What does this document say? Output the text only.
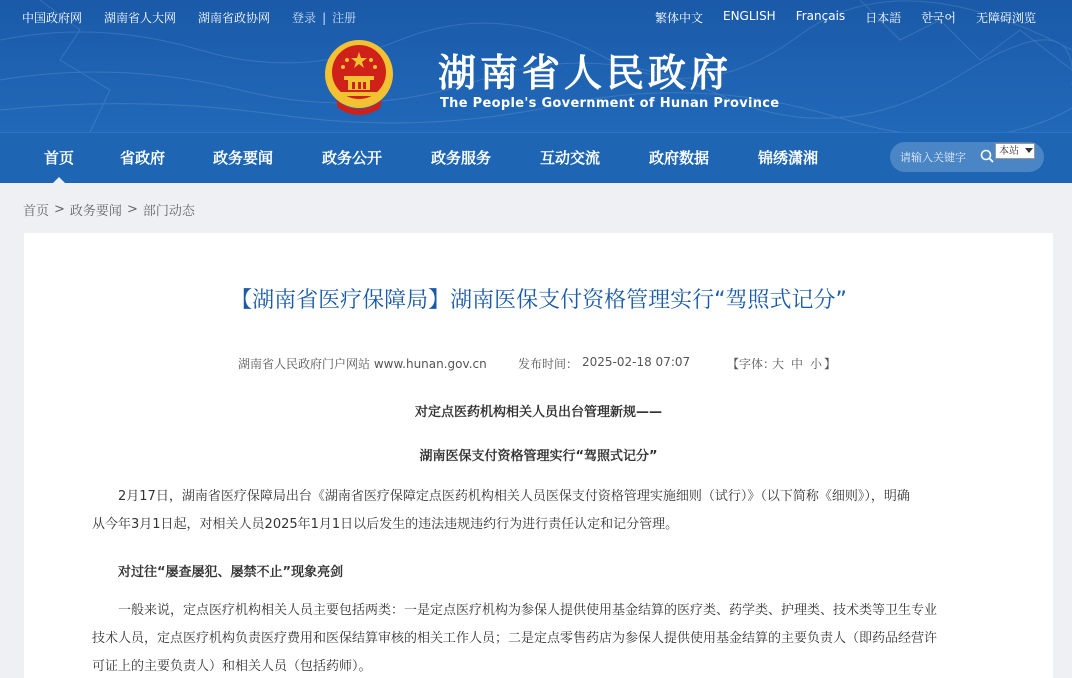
中国政府网 湖南省人大网 湖南省政协网 登录 | 注册	繁体中文 ENGLISH Français 日本語 한국어 无障碍浏览
湖南省人民政府
The People's Government of Hunan Province
首页	省政府	政务要闻	政务公开	政务服务	互动交流	政府数据	锦绣潇湘
请输入关键字	本站
首页 > 政务要闻 > 部门动态
【湖南省医疗保障局】湖南医保支付资格管理实行“驾照式记分”
湖南省人民政府门户网站 www.hunan.gov.cn	发布时间： 2025-02-18 07:07	【字体：
大 中 小 】
对定点医药机构相关人员出台管理新规——
湖南医保支付资格管理实行“驾照式记分”
2月17日，湖南省医疗保障局出台《湖南省医疗保障定点医药机构相关人员医保支付资格管理实施细则（试行）》（以下简称《细则》），明确
从今年3月1日起，对相关人员2025年1月1日以后发生的违法违规违约行为进行责任认定和记分管理。
对过往“屡查屡犯、屡禁不止”现象亮剑
一般来说，定点医疗机构相关人员主要包括两类：一是定点医疗机构为参保人提供使用基金结算的医疗类、药学类、护理类、技术类等卫生专业
技术人员，定点医疗机构负责医疗费用和医保结算审核的相关工作人员；二是定点零售药店为参保人提供使用基金结算的主要负责人（即药品经营许
可证上的主要负责人）和相关人员（包括药师）。
